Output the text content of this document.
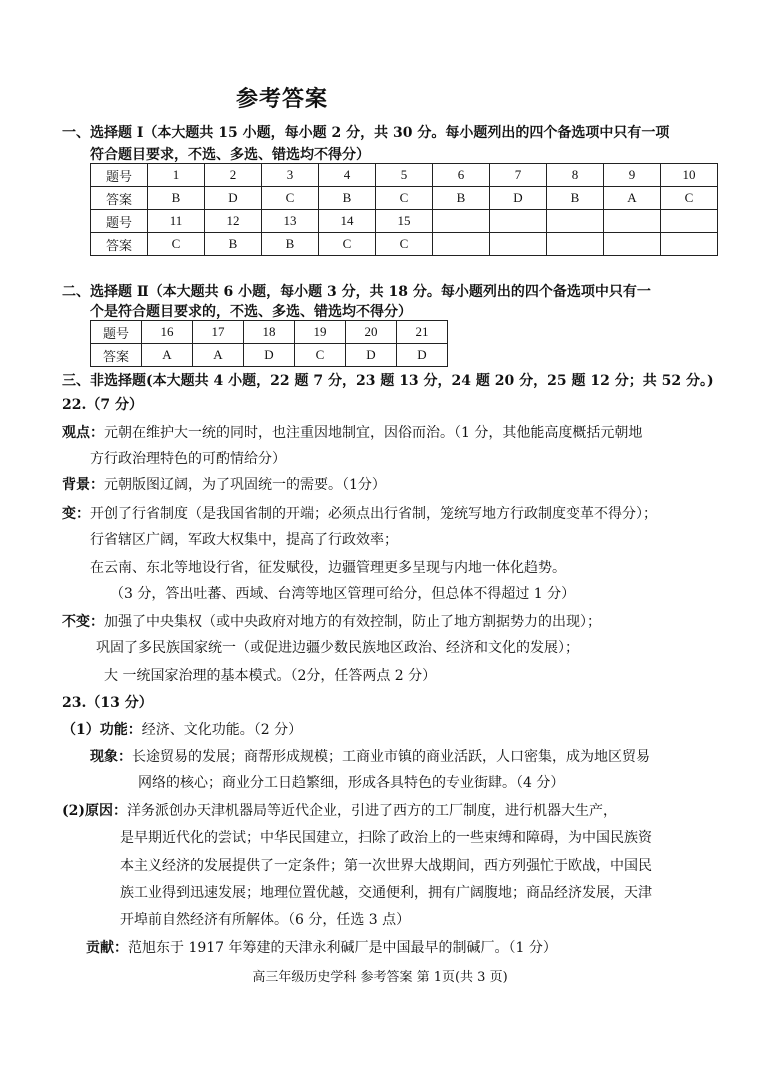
参考答案
一、选择题 Ⅰ（本大题共 15 小题，每小题 2 分，共 30 分。每小题列出的四个备选项中只有一项
符合题目要求，不选、多选、错选均不得分）
题号	1	2	3	4	5	6	7	8	9	10
答案	B	D	C	B	C	B	D	B	A	C
题号	11	12	13	14	15					
答案	C	B	B	C	C					
二、选择题 Ⅱ（本大题共 6 小题，每小题 3 分，共 18 分。每小题列出的四个备选项中只有一
个是符合题目要求的，不选、多选、错选均不得分）
题号	16	17	18	19	20	21
答案	A	A	D	C	D	D
三、非选择题(本大题共 4 小题，22 题 7 分，23 题 13 分，24 题 20 分，25 题 12 分；共 52 分。)
22.（7 分）
观点：元朝在维护大一统的同时，也注重因地制宜，因俗而治。（1 分，其他能高度概括元朝地
方行政治理特色的可酌情给分）
背景：元朝版图辽阔，为了巩固统一的需要。（1分）
变：开创了行省制度（是我国省制的开端；必须点出行省制，笼统写地方行政制度变革不得分）；
行省辖区广阔，军政大权集中，提高了行政效率；
在云南、东北等地设行省，征发赋役，边疆管理更多呈现与内地一体化趋势。
（3 分，答出吐蕃、西域、台湾等地区管理可给分，但总体不得超过 1 分）
不变：加强了中央集权（或中央政府对地方的有效控制，防止了地方割据势力的出现）；
巩固了多民族国家统一（或促进边疆少数民族地区政治、经济和文化的发展）；
大 一统国家治理的基本模式。（2分，任答两点 2 分）
23.（13 分）
（1）功能：经济、文化功能。（2 分）
现象：长途贸易的发展；商帮形成规模；工商业市镇的商业活跃，人口密集，成为地区贸易
网络的核心；商业分工日趋繁细，形成各具特色的专业街肆。（4 分）
(2)原因：洋务派创办天津机器局等近代企业，引进了西方的工厂制度，进行机器大生产，
是早期近代化的尝试；中华民国建立，扫除了政治上的一些束缚和障碍，为中国民族资
本主义经济的发展提供了一定条件；第一次世界大战期间，西方列强忙于欧战，中国民
族工业得到迅速发展；地理位置优越，交通便利，拥有广阔腹地；商品经济发展，天津
开埠前自然经济有所解体。（6 分，任选 3 点）
贡献：范旭东于 1917 年筹建的天津永利碱厂是中国最早的制碱厂。（1 分）
高三年级历史学科 参考答案 第 1页(共 3 页)
